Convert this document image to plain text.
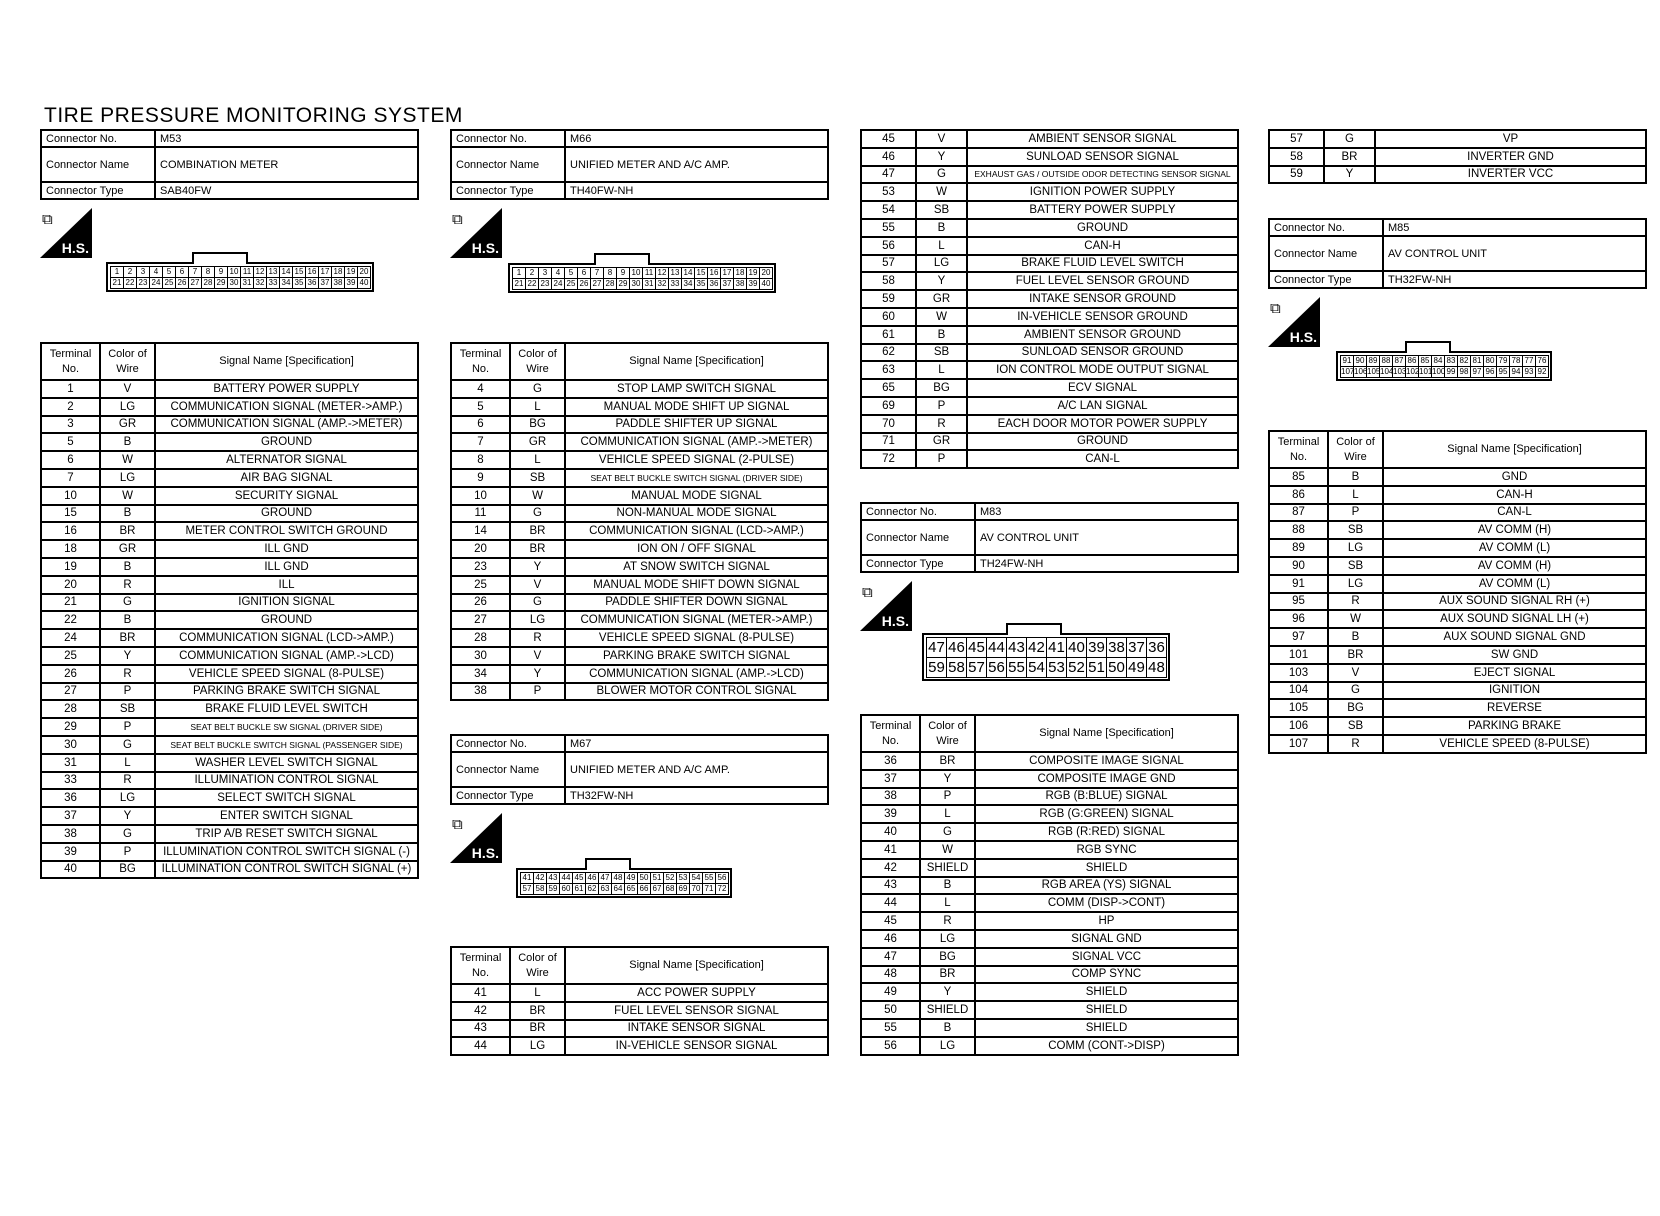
TIRE PRESSURE MONITORING SYSTEM
Connector No.	M53
Connector Name	COMBINATION METER
Connector Type	SAB40FW
⧉
H.S.
1	2	3	4	5	6	7	8	9 10 11 12 13 14 15 16 17 18 19 20
21 22 23 24 25 26 27 28 29 30 31 32 33 34 35 36 37 38 39 40
Terminal No.	Color of Wire	Signal Name [Specification]
1	V	BATTERY POWER SUPPLY
2	LG	COMMUNICATION SIGNAL (METER->AMP.)
3	GR	COMMUNICATION SIGNAL (AMP.->METER)
5	B	GROUND
6	W	ALTERNATOR SIGNAL
7	LG	AIR BAG SIGNAL
10	W	SECURITY SIGNAL
15	B	GROUND
16	BR	METER CONTROL SWITCH GROUND
18	GR	ILL GND
19	B	ILL GND
20	R	ILL
21	G	IGNITION SIGNAL
22	B	GROUND
24	BR	COMMUNICATION SIGNAL (LCD->AMP.)
25	Y	COMMUNICATION SIGNAL (AMP.->LCD)
26	R	VEHICLE SPEED SIGNAL (8-PULSE)
27	P	PARKING BRAKE SWITCH SIGNAL
28	SB	BRAKE FLUID LEVEL SWITCH
29	P	SEAT BELT BUCKLE SW SIGNAL (DRIVER SIDE)
30	G	SEAT BELT BUCKLE SWITCH SIGNAL (PASSENGER SIDE)
31	L	WASHER LEVEL SWITCH SIGNAL
33	R	ILLUMINATION CONTROL SIGNAL
36	LG	SELECT SWITCH SIGNAL
37	Y	ENTER SWITCH SIGNAL
38	G	TRIP A/B RESET SWITCH SIGNAL
39	P	ILLUMINATION CONTROL SWITCH SIGNAL (-)
40	BG	ILLUMINATION CONTROL SWITCH SIGNAL (+)
Connector No.	M66
Connector Name	UNIFIED METER AND A/C AMP.
Connector Type	TH40FW-NH
⧉
H.S.
1	2	3	4	5	6	7	8	9 10 11 12 13 14 15 16 17 18 19 20
21 22 23 24 25 26 27 28 29 30 31 32 33 34 35 36 37 38 39 40
Terminal No.	Color of Wire	Signal Name [Specification]
4	G	STOP LAMP SWITCH SIGNAL
5	L	MANUAL MODE SHIFT UP SIGNAL
6	BG	PADDLE SHIFTER UP SIGNAL
7	GR	COMMUNICATION SIGNAL (AMP.->METER)
8	L	VEHICLE SPEED SIGNAL (2-PULSE)
9	SB	SEAT BELT BUCKLE SWITCH SIGNAL (DRIVER SIDE)
10	W	MANUAL MODE SIGNAL
11	G	NON-MANUAL MODE SIGNAL
14	BR	COMMUNICATION SIGNAL (LCD->AMP.)
20	BR	ION ON / OFF SIGNAL
23	Y	AT SNOW SWITCH SIGNAL
25	V	MANUAL MODE SHIFT DOWN SIGNAL
26	G	PADDLE SHIFTER DOWN SIGNAL
27	LG	COMMUNICATION SIGNAL (METER->AMP.)
28	R	VEHICLE SPEED SIGNAL (8-PULSE)
30	V	PARKING BRAKE SWITCH SIGNAL
34	Y	COMMUNICATION SIGNAL (AMP.->LCD)
38	P	BLOWER MOTOR CONTROL SIGNAL
Connector No.	M67
Connector Name	UNIFIED METER AND A/C AMP.
Connector Type	TH32FW-NH
⧉
H.S.
41 42 43 44 45 46 47 48 49 50 51 52 53 54 55 56
57 58 59 60 61 62 63 64 65 66 67 68 69 70 71 72
Terminal No.	Color of Wire	Signal Name [Specification]
41	L	ACC POWER SUPPLY
42	BR	FUEL LEVEL SENSOR SIGNAL
43	BR	INTAKE SENSOR SIGNAL
44	LG	IN-VEHICLE SENSOR SIGNAL
45	V	AMBIENT SENSOR SIGNAL
46	Y	SUNLOAD SENSOR SIGNAL
47	G	EXHAUST GAS / OUTSIDE ODOR DETECTING SENSOR SIGNAL
53	W	IGNITION POWER SUPPLY
54	SB	BATTERY POWER SUPPLY
55	B	GROUND
56	L	CAN-H
57	LG	BRAKE FLUID LEVEL SWITCH
58	Y	FUEL LEVEL SENSOR GROUND
59	GR	INTAKE SENSOR GROUND
60	W	IN-VEHICLE SENSOR GROUND
61	B	AMBIENT SENSOR GROUND
62	SB	SUNLOAD SENSOR GROUND
63	L	ION CONTROL MODE OUTPUT SIGNAL
65	BG	ECV SIGNAL
69	P	A/C LAN SIGNAL
70	R	EACH DOOR MOTOR POWER SUPPLY
71	GR	GROUND
72	P	CAN-L
Connector No.	M83
Connector Name	AV CONTROL UNIT
Connector Type	TH24FW-NH
⧉
H.S.
47 46 45 44 43 42 41 40 39 38 37 36
59 58 57 56 55 54 53 52 51 50 49 48
Terminal No.	Color of Wire	Signal Name [Specification]
36	BR	COMPOSITE IMAGE SIGNAL
37	Y	COMPOSITE IMAGE GND
38	P	RGB (B:BLUE) SIGNAL
39	L	RGB (G:GREEN) SIGNAL
40	G	RGB (R:RED) SIGNAL
41	W	RGB SYNC
42	SHIELD	SHIELD
43	B	RGB AREA (YS) SIGNAL
44	L	COMM (DISP->CONT)
45	R	HP
46	LG	SIGNAL GND
47	BG	SIGNAL VCC
48	BR	COMP SYNC
49	Y	SHIELD
50	SHIELD	SHIELD
55	B	SHIELD
56	LG	COMM (CONT->DISP)
57	G	VP
58	BR	INVERTER GND
59	Y	INVERTER VCC
Connector No.	M85
Connector Name	AV CONTROL UNIT
Connector Type	TH32FW-NH
⧉
H.S.
91 90 89 88 87 86 85 84 83 82 81 80 79 78 77 76
107 106 105 104 103 102 101 100 99 98 97 96 95 94 93 92
Terminal No.	Color of Wire	Signal Name [Specification]
85	B	GND
86	L	CAN-H
87	P	CAN-L
88	SB	AV COMM (H)
89	LG	AV COMM (L)
90	SB	AV COMM (H)
91	LG	AV COMM (L)
95	R	AUX SOUND SIGNAL RH (+)
96	W	AUX SOUND SIGNAL LH (+)
97	B	AUX SOUND SIGNAL GND
101	BR	SW GND
103	V	EJECT SIGNAL
104	G	IGNITION
105	BG	REVERSE
106	SB	PARKING BRAKE
107	R	VEHICLE SPEED (8-PULSE)
